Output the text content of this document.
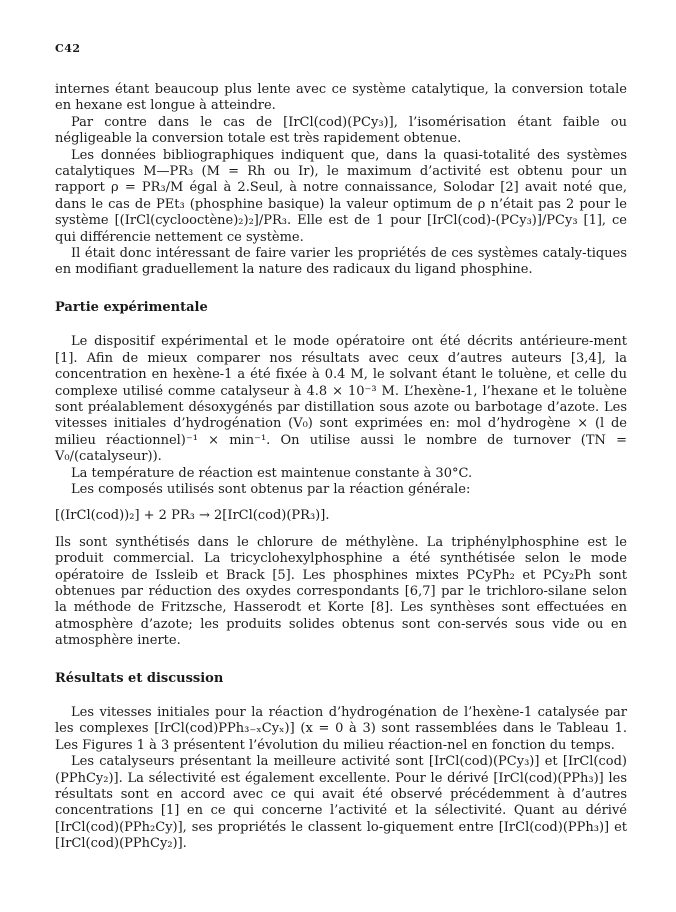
C42

internes étant beaucoup plus lente avec ce système catalytique, la conversion totale en hexane est longue à atteindre.

Par contre dans le cas de [IrCl(cod)(PCy₃)], l’isomérisation étant faible ou négligeable la conversion totale est très rapidement obtenue.

Les données bibliographiques indiquent que, dans la quasi-totalité des systèmes catalytiques M—PR₃ (M = Rh ou Ir), le maximum d’activité est obtenu pour un rapport ρ = PR₃/M égal à 2.Seul, à notre connaissance, Solodar [2] avait noté que, dans le cas de PEt₃ (phosphine basique) la valeur optimum de ρ n’était pas 2 pour le système [(IrCl(cyclooctène)₂)₂]/PR₃. Elle est de 1 pour [IrCl(cod)-(PCy₃)]/PCy₃ [1], ce qui différencie nettement ce système.

Il était donc intéressant de faire varier les propriétés de ces systèmes cataly-tiques en modifiant graduellement la nature des radicaux du ligand phosphine.

Partie expérimentale

Le dispositif expérimental et le mode opératoire ont été décrits antérieure-ment [1]. Afin de mieux comparer nos résultats avec ceux d’autres auteurs [3,4], la concentration en hexène-1 a été fixée à 0.4 M, le solvant étant le toluène, et celle du complexe utilisé comme catalyseur à 4.8 × 10⁻³ M. L’hexène-1, l’hexane et le toluène sont préalablement désoxygénés par distillation sous azote ou barbotage d’azote. Les vitesses initiales d’hydrogénation (V₀) sont exprimées en: mol d’hydrogène × (l de milieu réactionnel)⁻¹ × min⁻¹. On utilise aussi le nombre de turnover (TN = V₀/(catalyseur)).

La température de réaction est maintenue constante à 30°C.

Les composés utilisés sont obtenus par la réaction générale:

[(IrCl(cod))₂] + 2 PR₃ → 2[IrCl(cod)(PR₃)].

Ils sont synthétisés dans le chlorure de méthylène. La triphénylphosphine est le produit commercial. La tricyclohexylphosphine a été synthétisée selon le mode opératoire de Issleib et Brack [5]. Les phosphines mixtes PCyPh₂ et PCy₂Ph sont obtenues par réduction des oxydes correspondants [6,7] par le trichloro-silane selon la méthode de Fritzsche, Hasserodt et Korte [8]. Les synthèses sont effectuées en atmosphère d’azote; les produits solides obtenus sont con-servés sous vide ou en atmosphère inerte.

Résultats et discussion

Les vitesses initiales pour la réaction d’hydrogénation de l’hexène-1 catalysée par les complexes [IrCl(cod)PPh₃₋ₓCyₓ)] (x = 0 à 3) sont rassemblées dans le Tableau 1. Les Figures 1 à 3 présentent l’évolution du milieu réaction-nel en fonction du temps.

Les catalyseurs présentant la meilleure activité sont [IrCl(cod)(PCy₃)] et [IrCl(cod)(PPhCy₂)]. La sélectivité est également excellente. Pour le dérivé [IrCl(cod)(PPh₃)] les résultats sont en accord avec ce qui avait été observé précédemment à d’autres concentrations [1] en ce qui concerne l’activité et la sélectivité. Quant au dérivé [IrCl(cod)(PPh₂Cy)], ses propriétés le classent lo-giquement entre [IrCl(cod)(PPh₃)] et [IrCl(cod)(PPhCy₂)].
